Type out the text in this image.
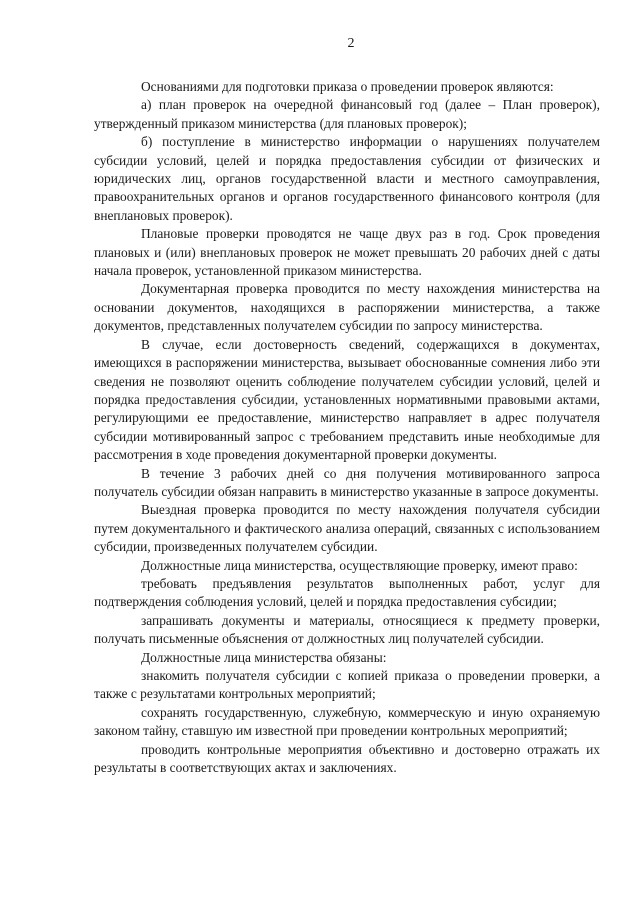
2

Основаниями для подготовки приказа о проведении проверок являются:

а) план проверок на очередной финансовый год (далее – План проверок), утвержденный приказом министерства (для плановых проверок);

б) поступление в министерство информации о нарушениях получателем субсидии условий, целей и порядка предоставления субсидии от физических и юридических лиц, органов государственной власти и местного самоуправления, правоохранительных органов и органов государственного финансового контроля (для внеплановых проверок).

Плановые проверки проводятся не чаще двух раз в год. Срок проведения плановых и (или) внеплановых проверок не может превышать 20 рабочих дней с даты начала проверок, установленной приказом министерства.

Документарная проверка проводится по месту нахождения министерства на основании документов, находящихся в распоряжении министерства, а также документов, представленных получателем субсидии по запросу министерства.

В случае, если достоверность сведений, содержащихся в документах, имеющихся в распоряжении министерства, вызывает обоснованные сомнения либо эти сведения не позволяют оценить соблюдение получателем субсидии условий, целей и порядка предоставления субсидии, установленных нормативными правовыми актами, регулирующими ее предоставление, министерство направляет в адрес получателя субсидии мотивированный запрос с требованием представить иные необходимые для рассмотрения в ходе проведения документарной проверки документы.

В течение 3 рабочих дней со дня получения мотивированного запроса получатель субсидии обязан направить в министерство указанные в запросе документы.

Выездная проверка проводится по месту нахождения получателя субсидии путем документального и фактического анализа операций, связанных с использованием субсидии, произведенных получателем субсидии.

Должностные лица министерства, осуществляющие проверку, имеют право:

требовать предъявления результатов выполненных работ, услуг для подтверждения соблюдения условий, целей и порядка предоставления субсидии;

запрашивать документы и материалы, относящиеся к предмету проверки, получать письменные объяснения от должностных лиц получателей субсидии.

Должностные лица министерства обязаны:

знакомить получателя субсидии с копией приказа о проведении проверки, а также с результатами контрольных мероприятий;

сохранять государственную, служебную, коммерческую и иную охраняемую законом тайну, ставшую им известной при проведении контрольных мероприятий;

проводить контрольные мероприятия объективно и достоверно отражать их результаты в соответствующих актах и заключениях.
